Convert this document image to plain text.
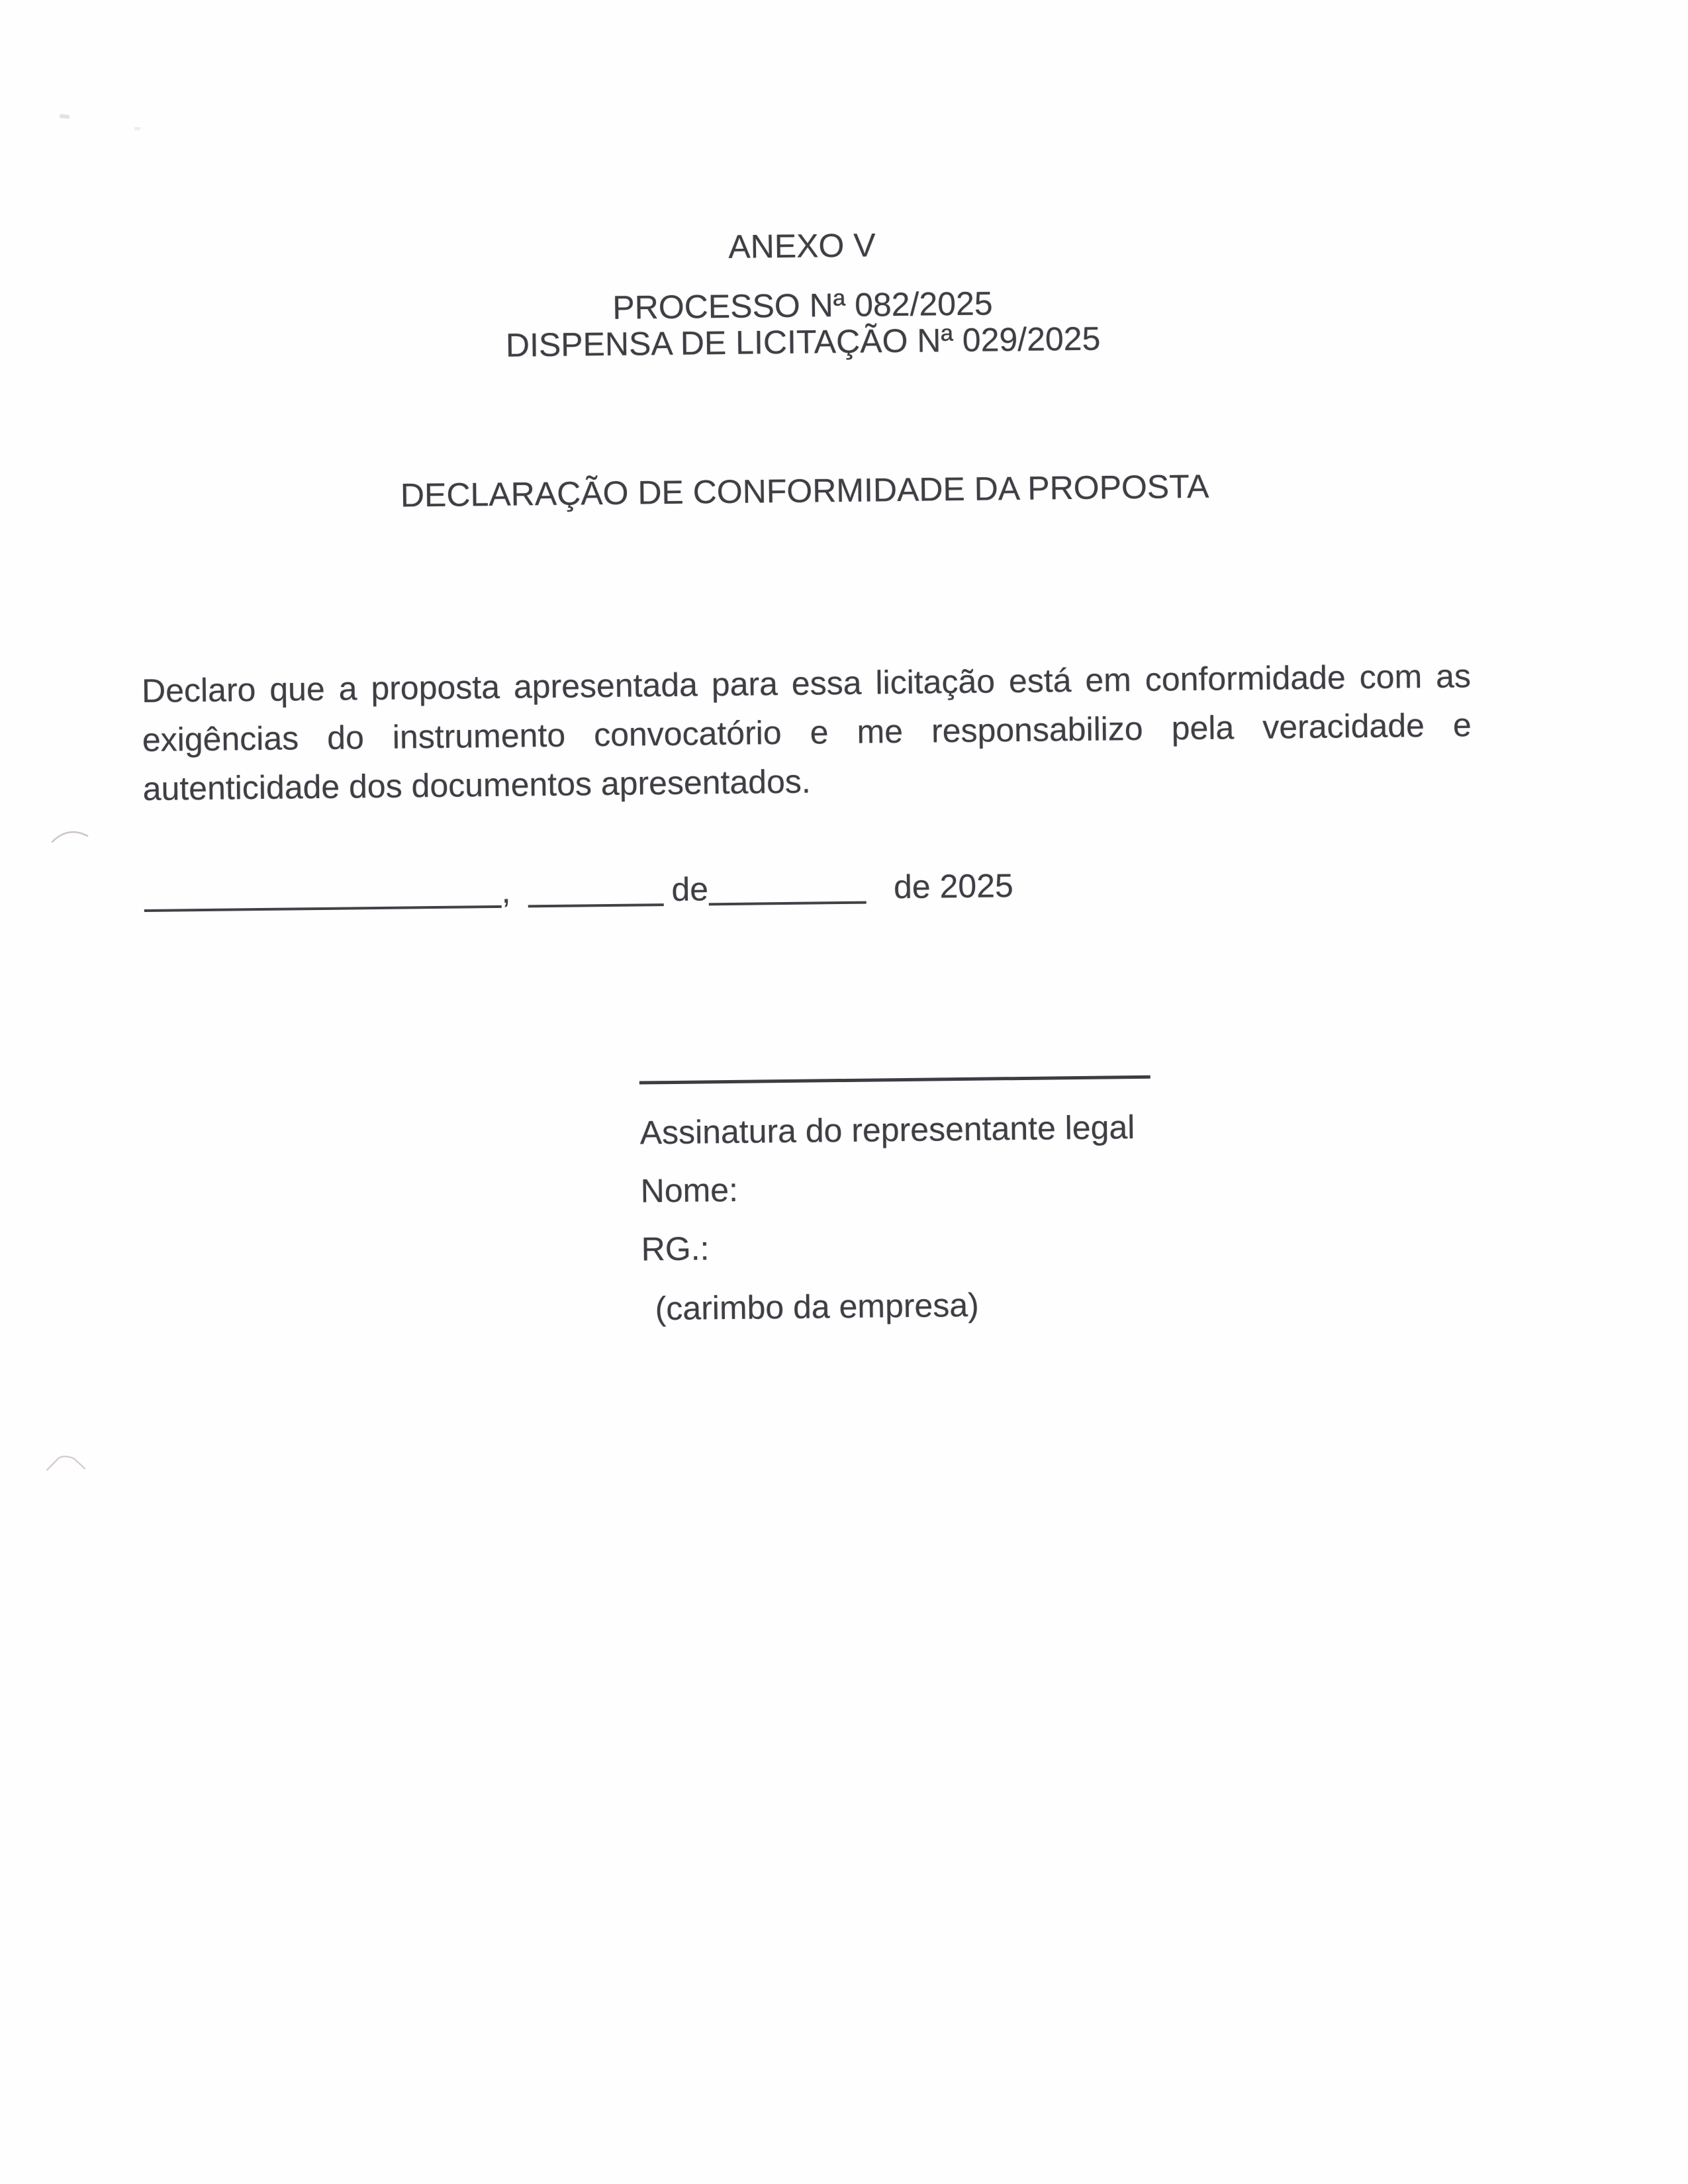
ANEXO V
PROCESSO Nª 082/2025
DISPENSA DE LICITAÇÃO Nª 029/2025
DECLARAÇÃO DE CONFORMIDADE DA PROPOSTA
Declaro que a proposta apresentada para essa licitação está em conformidade com as
exigências do instrumento convocatório e me responsabilizo pela veracidade e
autenticidade dos documentos apresentados.
,	de	de 2025
Assinatura do representante legal
Nome:
RG.:
(carimbo da empresa)
